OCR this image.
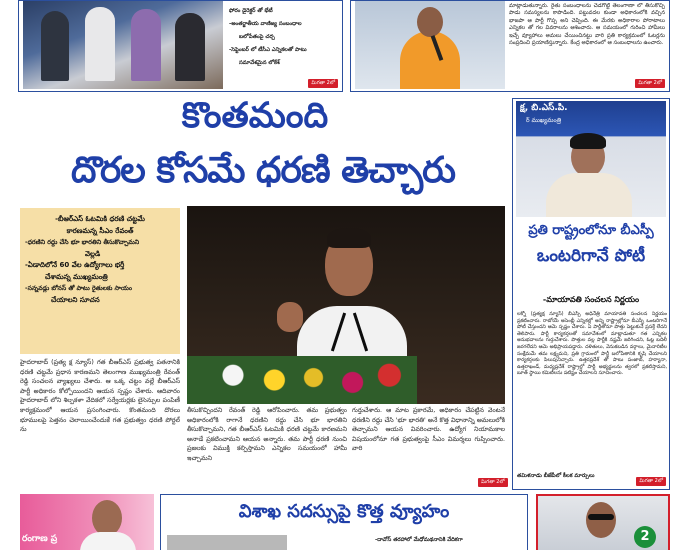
ఫోరం డైరెక్టర్ తో భేటీ
-అంతర్జాతీయ వాణిజ్య సంబంధాల
బలోపేతంపై చర్చ
-సెప్టెంబర్ లో టీసీఎ ఎన్నికలతో పాటు
సమావేశమైన లోకేశ్
మిగతా 2లో
మాట్లాడుతున్నారు. రైతు సంబంధాలను చెడగొట్టి తెలంగాణా లో తీసుకొచ్చి పాడు సమస్యలను కాపాడింది. పట్టువదల కుండా అధికారంలోకి వచ్చిన భాజపా ఆ పార్టీ గొప్ప అని చెప్పింది. ఈ మేరకు అధికారాల పోరాటాలు ఎన్నికల తో గల వివరాలను ఆశించారు. ఆ సమయంలో గురించి హామీలు ఇచ్చే వ్యూహాలు అమలు చేయించినట్టు వారి ప్రతి కార్యక్రమంలో ఓటర్లను సంప్రదించి ప్రయాణిస్తున్నారు. కేంద్ర అధికారంలో ఆ సంబంధాలను ఉంచారు.
మిగతా 2లో
కొంతమంది
దొరల కోసమే ధరణి తెచ్చారు
-బీఆర్ఎస్ ఓటమికి ధరణి చట్టమే
కారణమన్న సీఎం రేవంత్
-ధరణిని రద్దు చేసి భూ భారతిని తీసుకొచ్చామని
వెల్లడి
-ఏడాదిలోనే 60 వేల ఉద్యోగాలు భర్తీ
చేశామన్న ముఖ్యమంత్రి
-సన్నవడ్లు బోనస్ తో పాటు రైతులకు సాయం
చేయాలని సూచన
హైదరాబాద్ (ప్రత్య క్ష న్యూస్) గత బీఆర్ఎస్ ప్రభుత్వ పతనానికి ధరణి చట్టమే ప్రధాన కారణమని తెలంగాణ ముఖ్యమంత్రి రేవంత్ రెడ్డి సంచలన వ్యాఖ్యలు చేశారు. ఆ ఒక్క చట్టం వల్లే బీఆర్ఎస్ పార్టీ అధికారం కోల్పోయిందని ఆయన స్పష్టం చేశారు. ఆదివారం హైదరాబాద్ లోని శిల్పకళా వేదికలో సర్వేయర్లకు లైసెన్సుల పంపిణీ కార్యక్రమంలో ఆయన ప్రసంగించారు. కొంతమంది దొరలు భూములపై పెత్తనం చెలాయించేందుకే గత ప్రభుత్వం ధరణి పోర్టల్ ను
తీసుకొచ్చిందని రేవంత్ రెడ్డి ఆరోపించారు. తమ ప్రభుత్వం అధికారంలోకి రాగానే ధరణిని రద్దు చేసి భూ భారతిని తీసుకొచ్చామని, గత బీఆర్ఎస్ ఓటమికి ధరణి చట్టమే కారణమని అనాడే ప్రకటించామని ఆయన అన్నారు. తమ పార్టీ ధరణి నుంచి ప్రజలకు విముక్తి కల్పిస్తామని ఎన్నికల సమయంలో హామీ ఇచ్చామని
గుర్తుచేశారు. ఆ మాట ప్రకారమే, అధికారం చేపట్టిన వెంటనే ధరణిని రద్దు చేసి 'భూ భారతి' అనే కొత్త విధానాన్ని అమలులోకి తెచ్చామని ఆయన వివరించారు. ఉద్యోగ నియామకాల విషయంలోనూ గత ప్రభుత్వంపై సీఎం విమర్శలు గుప్పించారు. వారి
మిగతా 2లో
క్ష, బి.ఎస్.పి.
ర్ ముఖ్యమంత్రి
ప్రతి రాష్ట్రంలోనూ బీఎస్పీ
ఒంటరిగానే పోటీ
-మాయావతి సంచలన నిర్ణయం
లక్నో (ప్రత్యక్ష న్యూస్) బీఎస్పీ అధినేత్రి మాయావతి సంచలన నిర్ణయం ప్రకటించారు. రాబోయే అసెంబ్లీ ఎన్నికల్లో అన్ని రాష్ట్రాల్లోనూ బీఎస్పీ ఒంటరిగానే పోటీ చేస్తుందని ఆమె స్పష్టం చేశారు. ఏ పార్టీతోనూ పొత్తు పెట్టుకునే ప్రసక్తే లేదని తెలిపారు. పార్టీ కార్యకర్తలతో సమావేశంలో మాట్లాడుతూ గత ఎన్నికల అనుభవాలను గుర్తుచేశారు. పొత్తుల వల్ల పార్టీకి నష్టమే జరిగిందని, ఓట్ల బదిలీ జరగలేదని ఆమె అభిప్రాయపడ్డారు. దళితులు, వెనుకబడిన వర్గాలు, మైనారిటీల సంక్షేమమే తమ లక్ష్యమని, ప్రతి గ్రామంలో పార్టీ బలోపేతానికి కృషి చేయాలని కార్యకర్తలకు పిలుపునిచ్చారు. ఉత్తరప్రదేశ్ తో పాటు పంజాబ్, హర్యానా, ఉత్తరాఖండ్, మధ్యప్రదేశ్ రాష్ట్రాల్లో పార్టీ అభ్యర్థులను త్వరలో ప్రకటిస్తామని, బూత్ స్థాయి కమిటీలను పటిష్టం చేయాలని సూచించారు.
తమిళనాడు బీజేపీలో కీలక మార్పులు
మిగతా 2లో
రంగాణ ప్ర
విశాఖ సదస్సుపై కొత్త వ్యూహం
-దావోస్ తరహాలో మేధోమథనానికి వేదికగా	2
